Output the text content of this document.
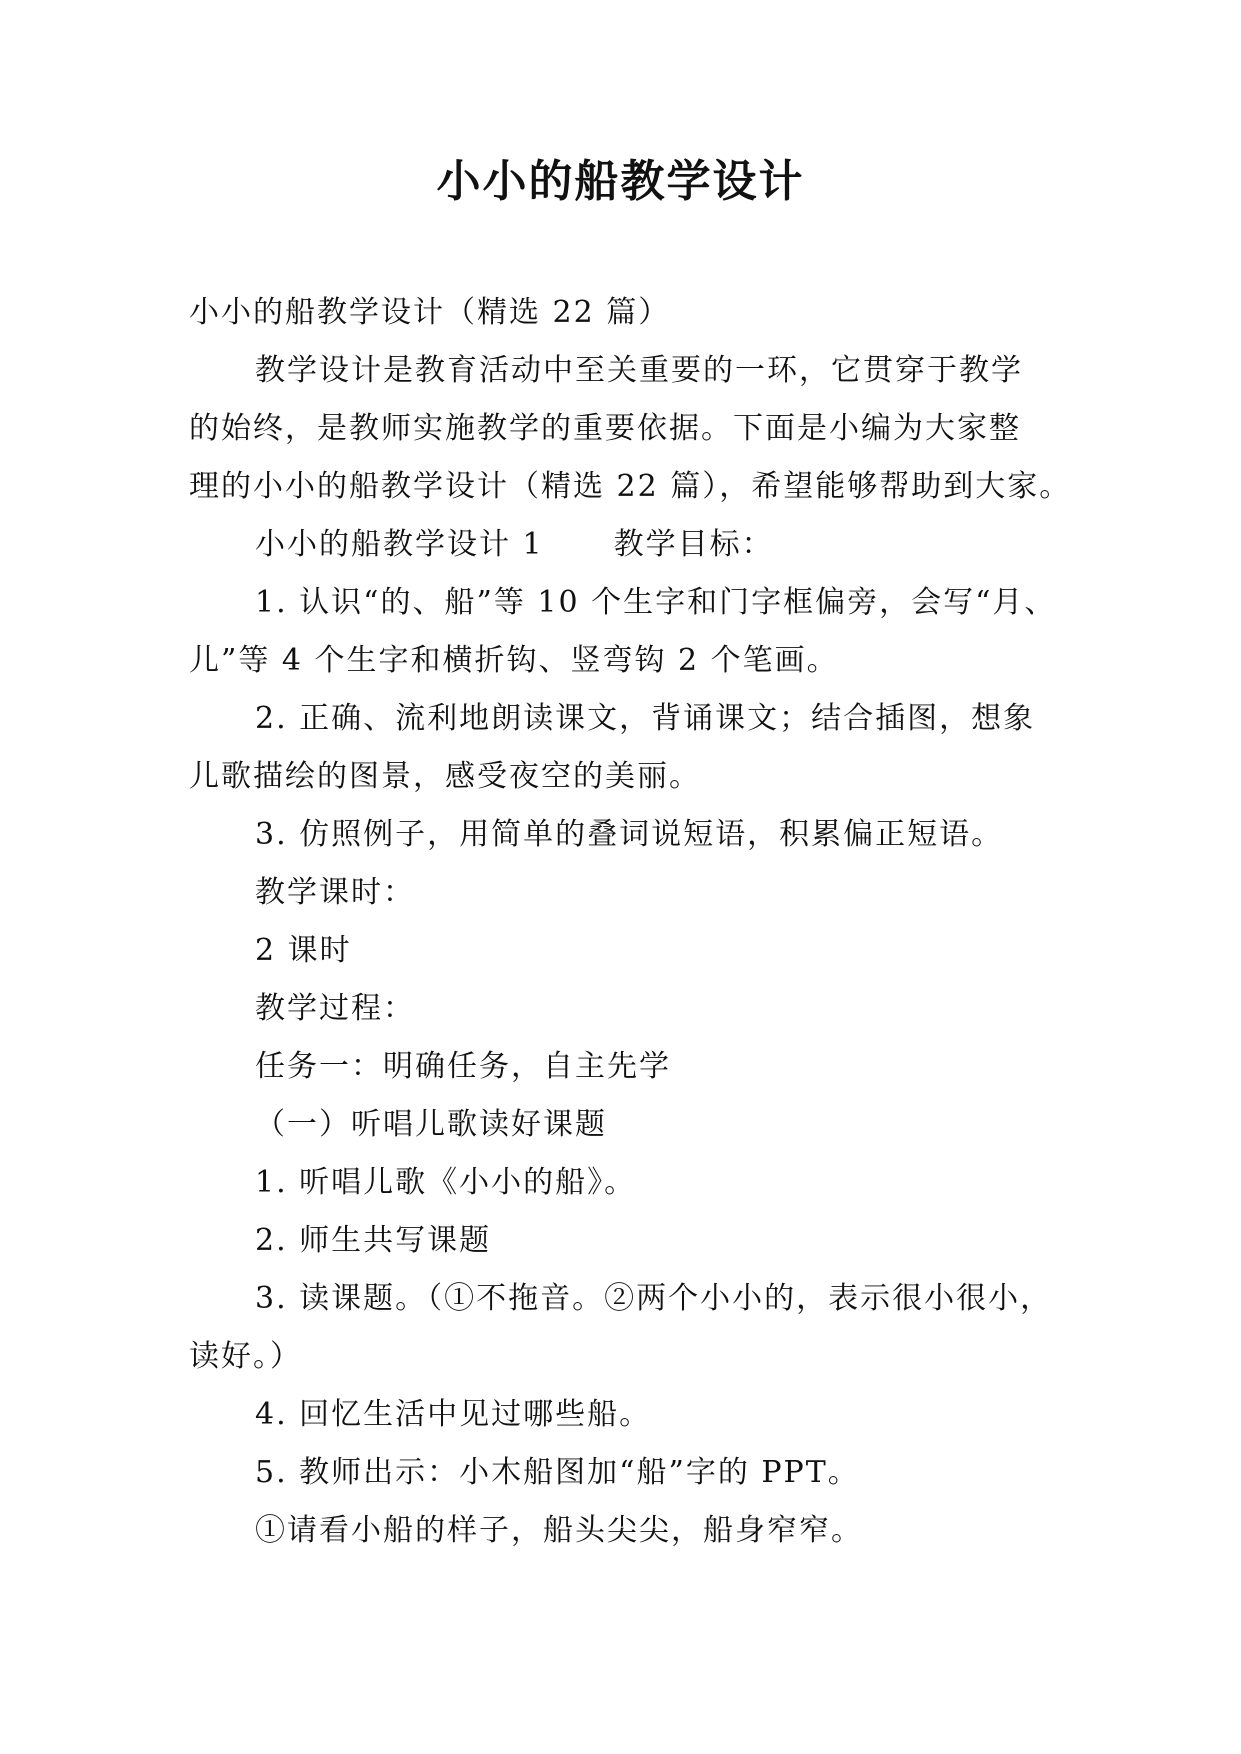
小小的船教学设计

小小的船教学设计（精选 22 篇）

教学设计是教育活动中至关重要的一环，它贯穿于教学

的始终，是教师实施教学的重要依据。下面是小编为大家整

理的小小的船教学设计（精选 22 篇），希望能够帮助到大家。

小小的船教学设计 1 教学目标：

1. 认识“的、船”等 10 个生字和门字框偏旁，会写“月、

儿”等 4 个生字和横折钩、竖弯钩 2 个笔画。

2. 正确、流利地朗读课文，背诵课文；结合插图，想象

儿歌描绘的图景，感受夜空的美丽。

3. 仿照例子，用简单的叠词说短语，积累偏正短语。

教学课时：

2 课时

教学过程：

任务一：明确任务，自主先学

（一）听唱儿歌读好课题

1. 听唱儿歌《小小的船》。

2. 师生共写课题

3. 读课题。（①不拖音。②两个小小的，表示很小很小，

读好。）

4. 回忆生活中见过哪些船。

5. 教师出示：小木船图加“船”字的 PPT。

①请看小船的样子，船头尖尖，船身窄窄。
